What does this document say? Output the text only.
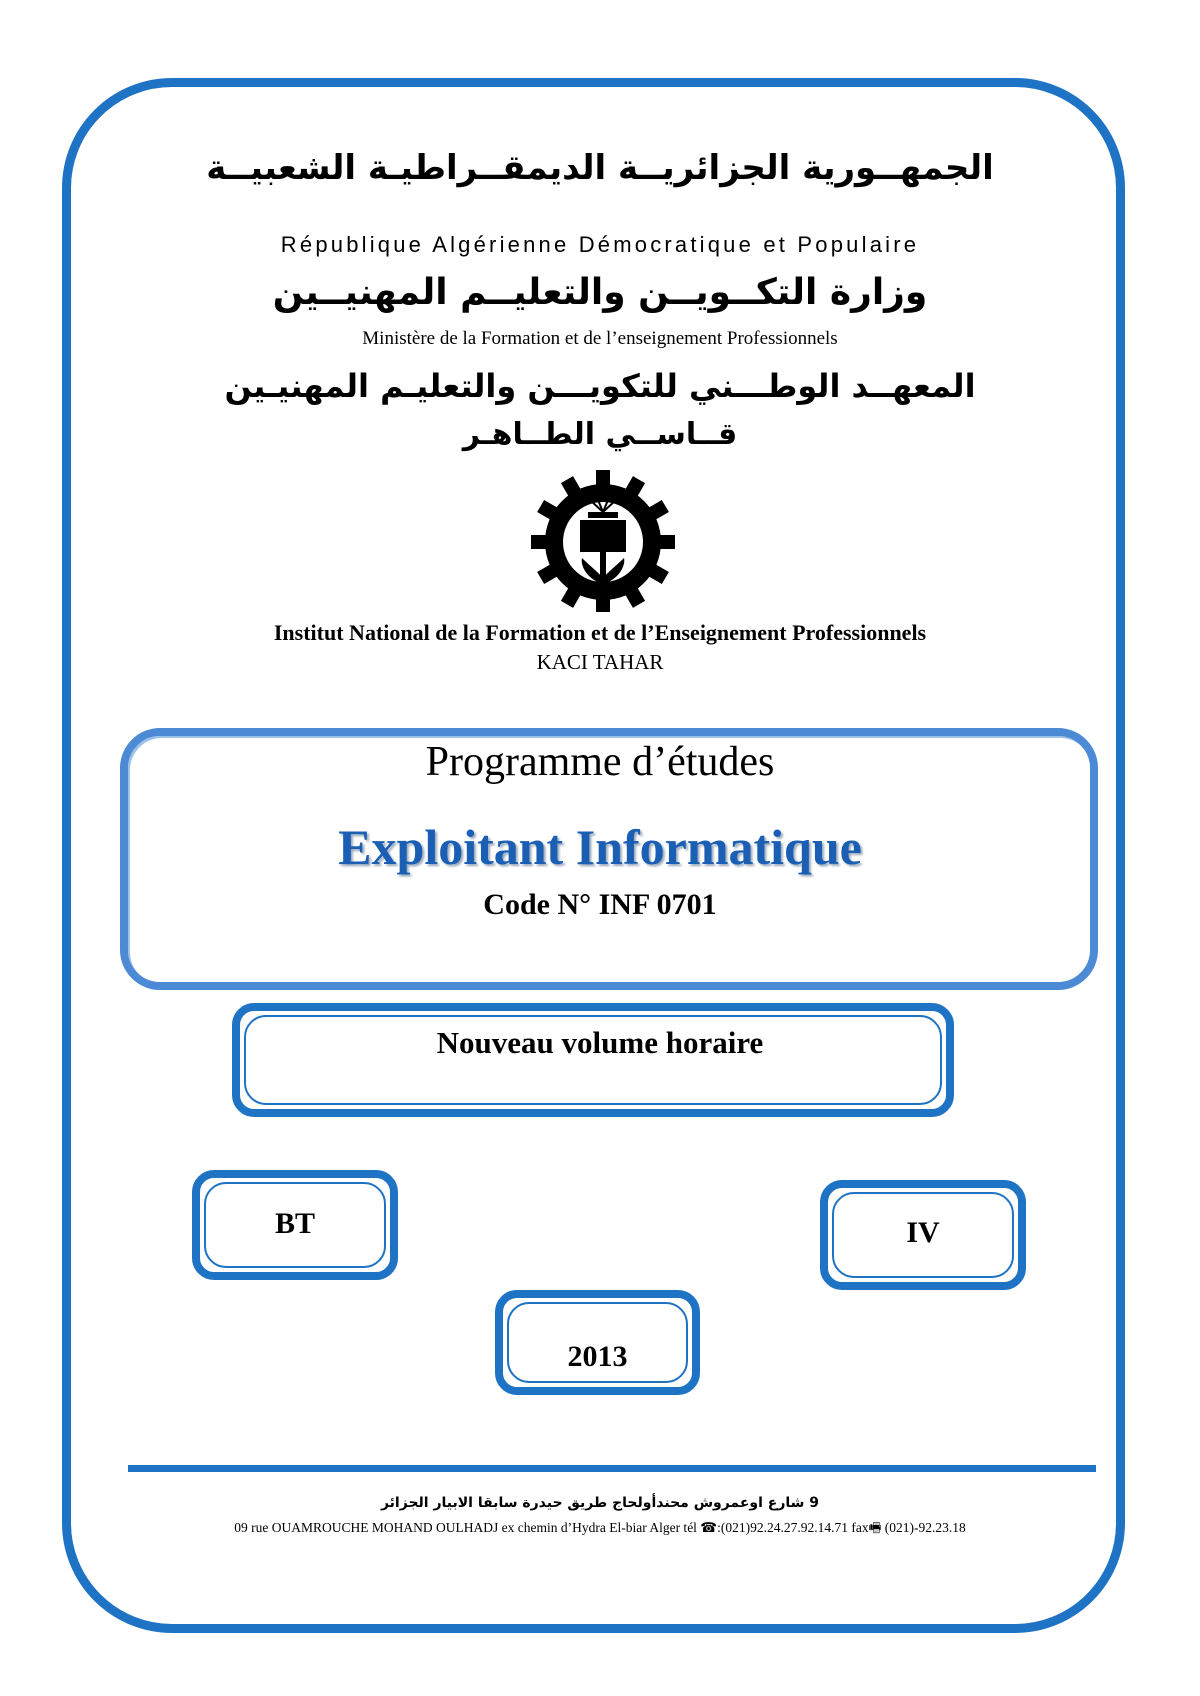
الجمهــورية الجزائريــة الديمقــراطيـة الشعبيــة
République Algérienne Démocratique et Populaire
وزارة التكــويــن والتعليــم المهنيــين
Ministère de la Formation et de l’enseignement Professionnels
المعهــد الوطـــني للتكويـــن والتعليـم المهنيـين
قــاســي الطــاهـر
Institut National de la Formation et de l’Enseignement Professionnels
KACI TAHAR
Programme d’études
Exploitant Informatique
Code N° INF 0701
Nouveau volume horaire
BT	IV
2013
9 شارع اوعمروش محندأولحاج طريق حيدرة سابقا الابيار الجزائر
09 rue OUAMROUCHE MOHAND OULHADJ ex chemin d’Hydra El-biar Alger tél ☎:(021)92.24.27.92.14.71 fax🖷 (021)-92.23.18
